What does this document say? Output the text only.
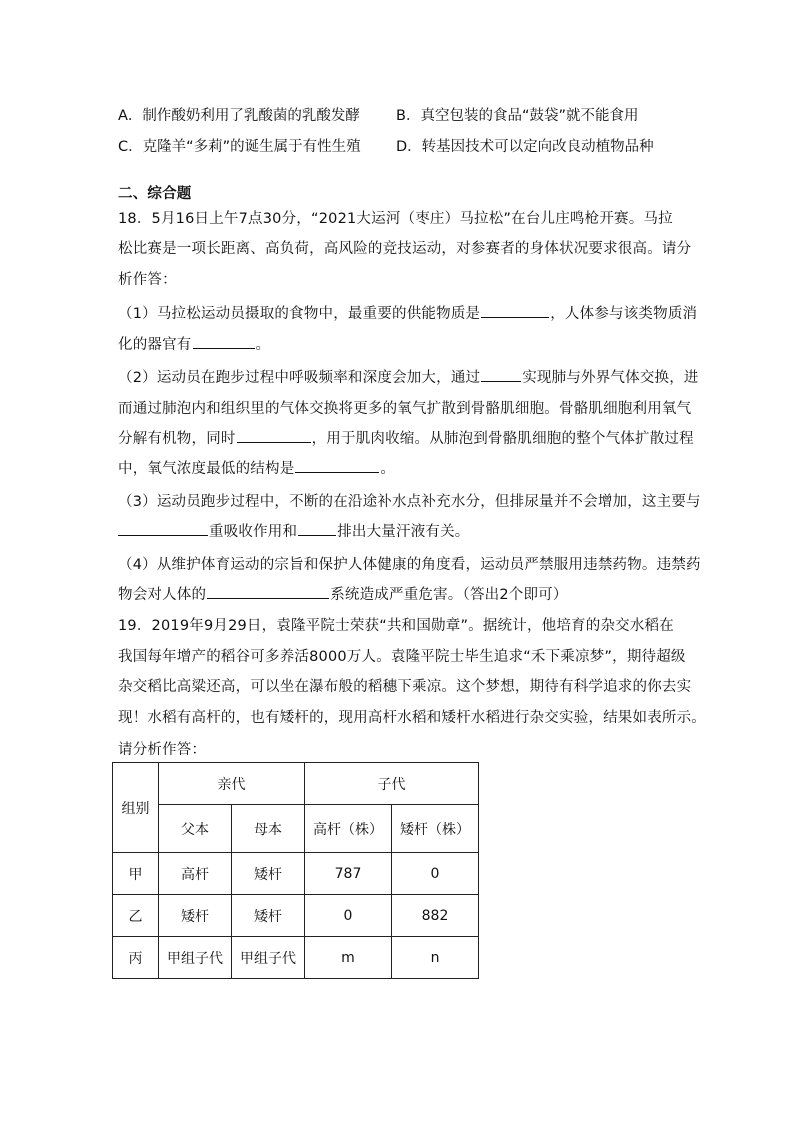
A．制作酸奶利用了乳酸菌的乳酸发酵 B．真空包装的食品“鼓袋”就不能食用
C．克隆羊“多莉”的诞生属于有性生殖 D．转基因技术可以定向改良动植物品种
二、综合题
18．5月16日上午7点30分，“2021大运河（枣庄）马拉松”在台儿庄鸣枪开赛。马拉
松比赛是一项长距离、高负荷，高风险的竞技运动，对参赛者的身体状况要求很高。请分
析作答：
（1）马拉松运动员摄取的食物中，最重要的供能物质是	，人体参与该类物质消
化的器官有	。
（2）运动员在跑步过程中呼吸频率和深度会加大，通过	实现肺与外界气体交换，进
而通过肺泡内和组织里的气体交换将更多的氧气扩散到骨骼肌细胞。骨骼肌细胞利用氧气
分解有机物，同时	，用于肌肉收缩。从肺泡到骨骼肌细胞的整个气体扩散过程
中，氧气浓度最低的结构是	。
（3）运动员跑步过程中，不断的在沿途补水点补充水分，但排尿量并不会增加，这主要与
重吸收作用和	排出大量汗液有关。
（4）从维护体育运动的宗旨和保护人体健康的角度看，运动员严禁服用违禁药物。违禁药
物会对人体的	系统造成严重危害。（答出2个即可）
19．2019年9月29日，袁隆平院士荣获“共和国勋章”。据统计，他培育的杂交水稻在
我国每年增产的稻谷可多养活8000万人。袁隆平院士毕生追求“禾下乘凉梦”，期待超级
杂交稻比高粱还高，可以坐在瀑布般的稻穗下乘凉。这个梦想，期待有科学追求的你去实
现！水稻有高杆的，也有矮杆的，现用高杆水稻和矮杆水稻进行杂交实验，结果如表所示。
请分析作答：
组别	亲代		子代	
	父本	母本	高杆（株）	矮杆（株）
甲	高杆	矮杆	787	0
乙	矮杆	矮杆	0	882
丙	甲组子代	甲组子代	m	n
